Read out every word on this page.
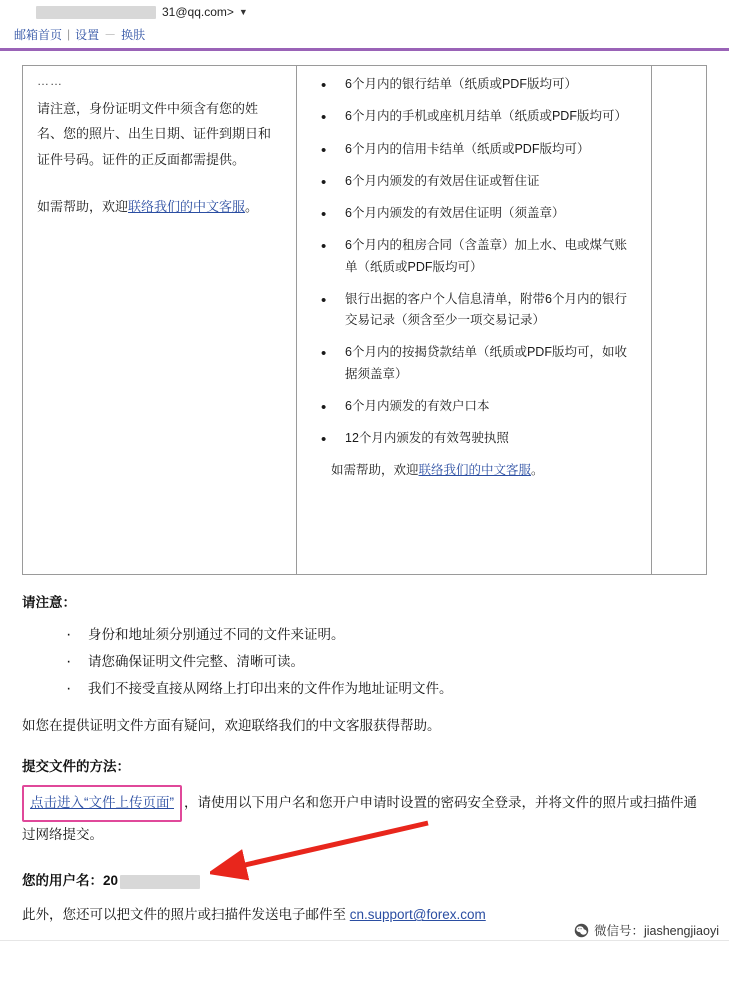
31@qq.com> ▼
邮箱首页 | 设置 － 换肤
……

请注意，身份证明文件中须含有您的姓名、您的照片、出生日期、证件到期日和证件号码。证件的正反面都需提供。

如需帮助，欢迎联络我们的中文客服。

• 6个月内的银行结单（纸质或PDF版均可）
• 6个月内的手机或座机月结单（纸质或PDF版均可）
• 6个月内的信用卡结单（纸质或PDF版均可）
• 6个月内颁发的有效居住证或暂住证
• 6个月内颁发的有效居住证明（须盖章）
• 6个月内的租房合同（含盖章）加上水、电或煤气账单（纸质或PDF版均可）
• 银行出据的客户个人信息清单，附带6个月内的银行交易记录（须含至少一项交易记录）
• 6个月内的按揭贷款结单（纸质或PDF版均可，如收据须盖章）
• 6个月内颁发的有效户口本
• 12个月内颁发的有效驾驶执照
如需帮助，欢迎联络我们的中文客服。
请注意：
· 身份和地址须分别通过不同的文件来证明。
· 请您确保证明文件完整、清晰可读。
· 我们不接受直接从网络上打印出来的文件作为地址证明文件。

如您在提供证明文件方面有疑问，欢迎联络我们的中文客服获得帮助。

提交文件的方法：
点击进入“文件上传页面” ，请使用以下用户名和您开户申请时设置的密码安全登录，并将文件的照片或扫描件通过网络提交。
您的用户名：20

此外，您还可以把文件的照片或扫描件发送电子邮件至 cn.support@forex.com

微信号：jiashengjiaoyi
